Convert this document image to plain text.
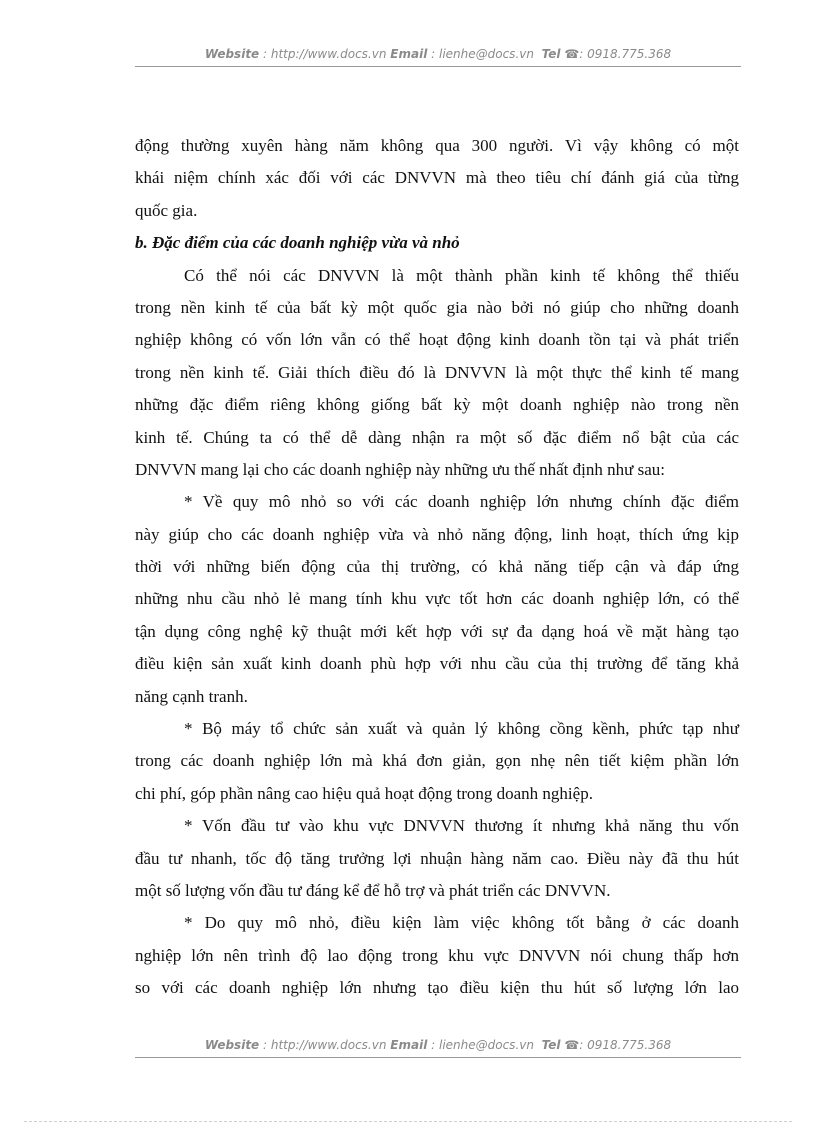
Website : http://www.docs.vn Email : lienhe@docs.vn Tel ☎: 0918.775.368
động thường xuyên hàng năm không qua 300 người. Vì vậy không có một
khái niệm chính xác đối với các DNVVN mà theo tiêu chí đánh giá của từng
quốc gia.
b. Đặc điểm của các doanh nghiệp vừa và nhỏ
Có thể nói các DNVVN là một thành phần kinh tế không thể thiếu
trong nền kinh tế của bất kỳ một quốc gia nào bởi nó giúp cho những doanh
nghiệp không có vốn lớn vẫn có thể hoạt động kinh doanh tồn tại và phát triển
trong nền kinh tế. Giải thích điều đó là DNVVN là một thực thể kinh tế mang
những đặc điểm riêng không giống bất kỳ một doanh nghiệp nào trong nền
kinh tế. Chúng ta có thể dễ dàng nhận ra một số đặc điểm nổ bật của các
DNVVN mang lại cho các doanh nghiệp này những ưu thế nhất định như sau:
* Về quy mô nhỏ so với các doanh nghiệp lớn nhưng chính đặc điểm
này giúp cho các doanh nghiệp vừa và nhỏ năng động, linh hoạt, thích ứng kịp
thời với những biến động của thị trường, có khả năng tiếp cận và đáp ứng
những nhu cầu nhỏ lẻ mang tính khu vực tốt hơn các doanh nghiệp lớn, có thể
tận dụng công nghệ kỹ thuật mới kết hợp với sự đa dạng hoá về mặt hàng tạo
điều kiện sản xuất kinh doanh phù hợp với nhu cầu của thị trường để tăng khả
năng cạnh tranh.
* Bộ máy tổ chức sản xuất và quản lý không cồng kềnh, phức tạp như
trong các doanh nghiệp lớn mà khá đơn giản, gọn nhẹ nên tiết kiệm phần lớn
chi phí, góp phần nâng cao hiệu quả hoạt động trong doanh nghiệp.
* Vốn đầu tư vào khu vực DNVVN thương ít nhưng khả năng thu vốn
đầu tư nhanh, tốc độ tăng trưởng lợi nhuận hàng năm cao. Điều này đã thu hút
một số lượng vốn đầu tư đáng kể để hỗ trợ và phát triển các DNVVN.
* Do quy mô nhỏ, điều kiện làm việc không tốt bằng ở các doanh
nghiệp lớn nên trình độ lao động trong khu vực DNVVN nói chung thấp hơn
so với các doanh nghiệp lớn nhưng tạo điều kiện thu hút số lượng lớn lao
Website : http://www.docs.vn Email : lienhe@docs.vn Tel ☎: 0918.775.368
